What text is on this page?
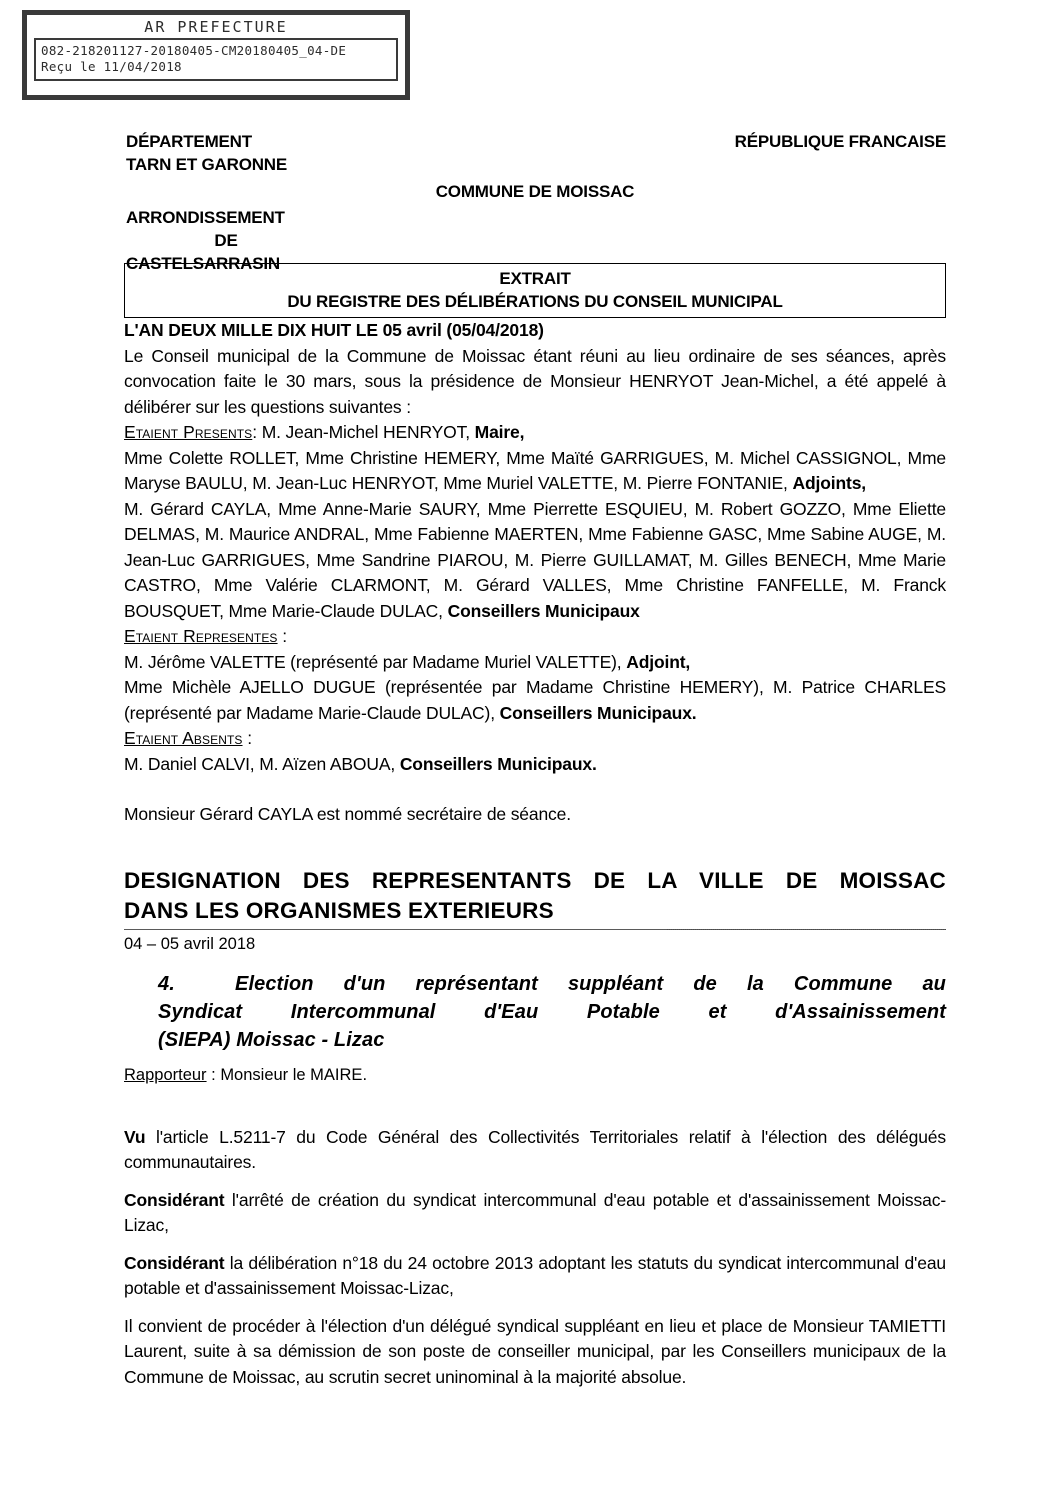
AR PREFECTURE
082-218201127-20180405-CM20180405_04-DE
Reçu le 11/04/2018
DÉPARTEMENT
TARN ET GARONNE
RÉPUBLIQUE FRANCAISE
COMMUNE DE MOISSAC
ARRONDISSEMENT
DE
CASTELSARRASIN
EXTRAIT
DU REGISTRE DES DÉLIBÉRATIONS DU CONSEIL MUNICIPAL

L'AN DEUX MILLE DIX HUIT LE 05 avril (05/04/2018)

Le Conseil municipal de la Commune de Moissac étant réuni au lieu ordinaire de ses séances, après convocation faite le 30 mars, sous la présidence de Monsieur HENRYOT Jean-Michel, a été appelé à délibérer sur les questions suivantes :

Etaient Presents: M. Jean-Michel HENRYOT, Maire,

Mme Colette ROLLET, Mme Christine HEMERY, Mme Maïté GARRIGUES, M. Michel CASSIGNOL, Mme Maryse BAULU, M. Jean-Luc HENRYOT, Mme Muriel VALETTE, M. Pierre FONTANIE, Adjoints,

M. Gérard CAYLA, Mme Anne-Marie SAURY, Mme Pierrette ESQUIEU, M. Robert GOZZO, Mme Eliette DELMAS, M. Maurice ANDRAL, Mme Fabienne MAERTEN, Mme Fabienne GASC, Mme Sabine AUGE, M. Jean-Luc GARRIGUES, Mme Sandrine PIAROU, M. Pierre GUILLAMAT, M. Gilles BENECH, Mme Marie CASTRO, Mme Valérie CLARMONT, M. Gérard VALLES, Mme Christine FANFELLE, M. Franck BOUSQUET, Mme Marie-Claude DULAC, Conseillers Municipaux

Etaient Representes :

M. Jérôme VALETTE (représenté par Madame Muriel VALETTE), Adjoint,

Mme Michèle AJELLO DUGUE (représentée par Madame Christine HEMERY), M. Patrice CHARLES (représenté par Madame Marie-Claude DULAC), Conseillers Municipaux.

Etaient Absents :

M. Daniel CALVI, M. Aïzen ABOUA, Conseillers Municipaux.

Monsieur Gérard CAYLA est nommé secrétaire de séance.

DESIGNATION DES REPRESENTANTS DE LA VILLE DE MOISSAC
DANS LES ORGANISMES EXTERIEURS
04 – 05 avril 2018
4.	Election d'un représentant suppléant de la Commune au
Syndicat Intercommunal d'Eau Potable et d'Assainissement
(SIEPA) Moissac - Lizac
Rapporteur : Monsieur le MAIRE.

Vu l'article L.5211-7 du Code Général des Collectivités Territoriales relatif à l'élection des délégués communautaires.

Considérant l'arrêté de création du syndicat intercommunal d'eau potable et d'assainissement Moissac-Lizac,

Considérant la délibération n°18 du 24 octobre 2013 adoptant les statuts du syndicat intercommunal d'eau potable et d'assainissement Moissac-Lizac,

Il convient de procéder à l'élection d'un délégué syndical suppléant en lieu et place de Monsieur TAMIETTI Laurent, suite à sa démission de son poste de conseiller municipal, par les Conseillers municipaux de la Commune de Moissac, au scrutin secret uninominal à la majorité absolue.
